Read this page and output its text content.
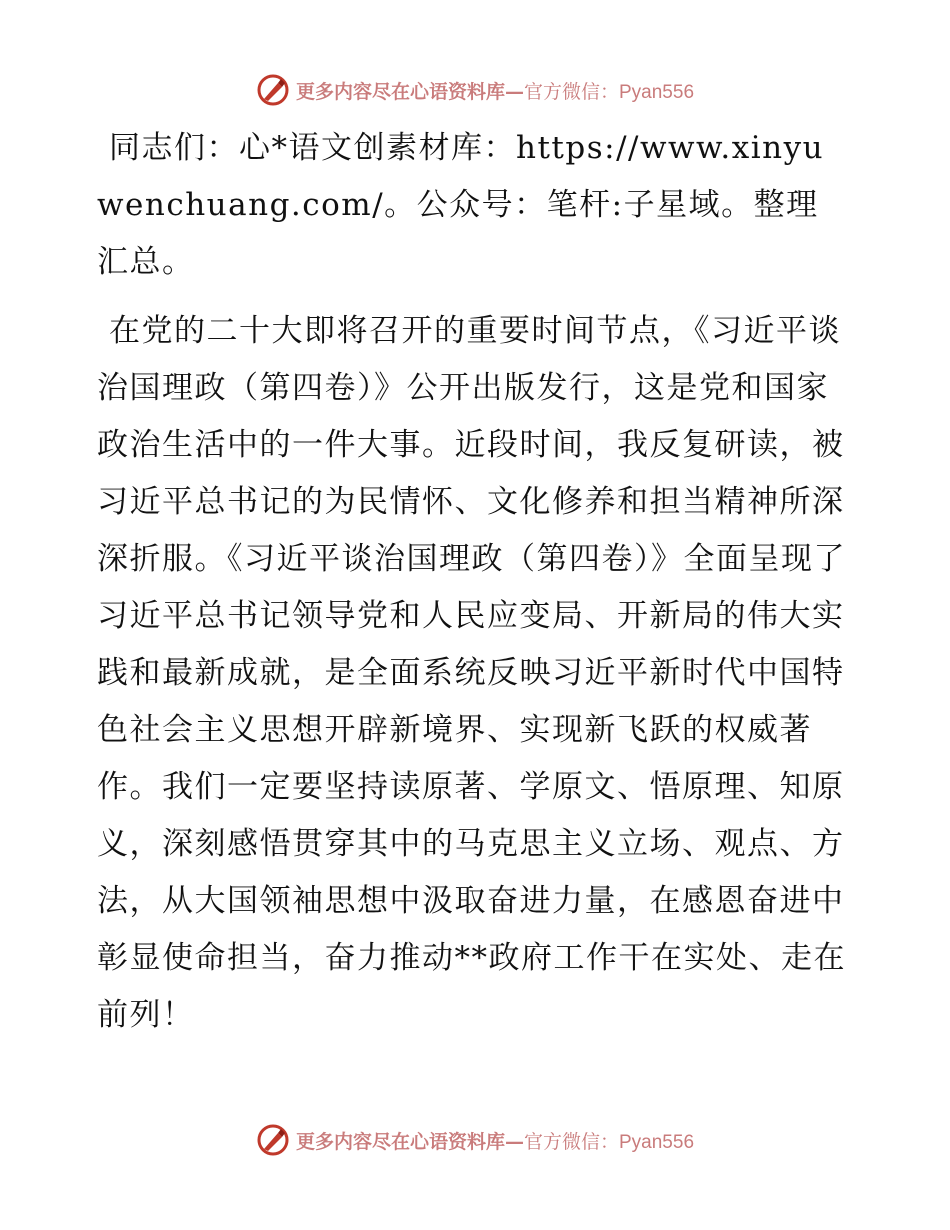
更多内容尽在心语资料库—官方微信：Pyan556

同志们：心*语文创素材库：https://www.xinyuwenchuang.com/。公众号：笔杆:子星域。整理汇总。

在党的二十大即将召开的重要时间节点，《习近平谈治国理政（第四卷）》公开出版发行，这是党和国家政治生活中的一件大事。近段时间，我反复研读，被习近平总书记的为民情怀、文化修养和担当精神所深深折服。《习近平谈治国理政（第四卷）》全面呈现了习近平总书记领导党和人民应变局、开新局的伟大实践和最新成就，是全面系统反映习近平新时代中国特色社会主义思想开辟新境界、实现新飞跃的权威著作。我们一定要坚持读原著、学原文、悟原理、知原义，深刻感悟贯穿其中的马克思主义立场、观点、方法，从大国领袖思想中汲取奋进力量，在感恩奋进中彰显使命担当，奋力推动**政府工作干在实处、走在前列！

更多内容尽在心语资料库—官方微信：Pyan556
